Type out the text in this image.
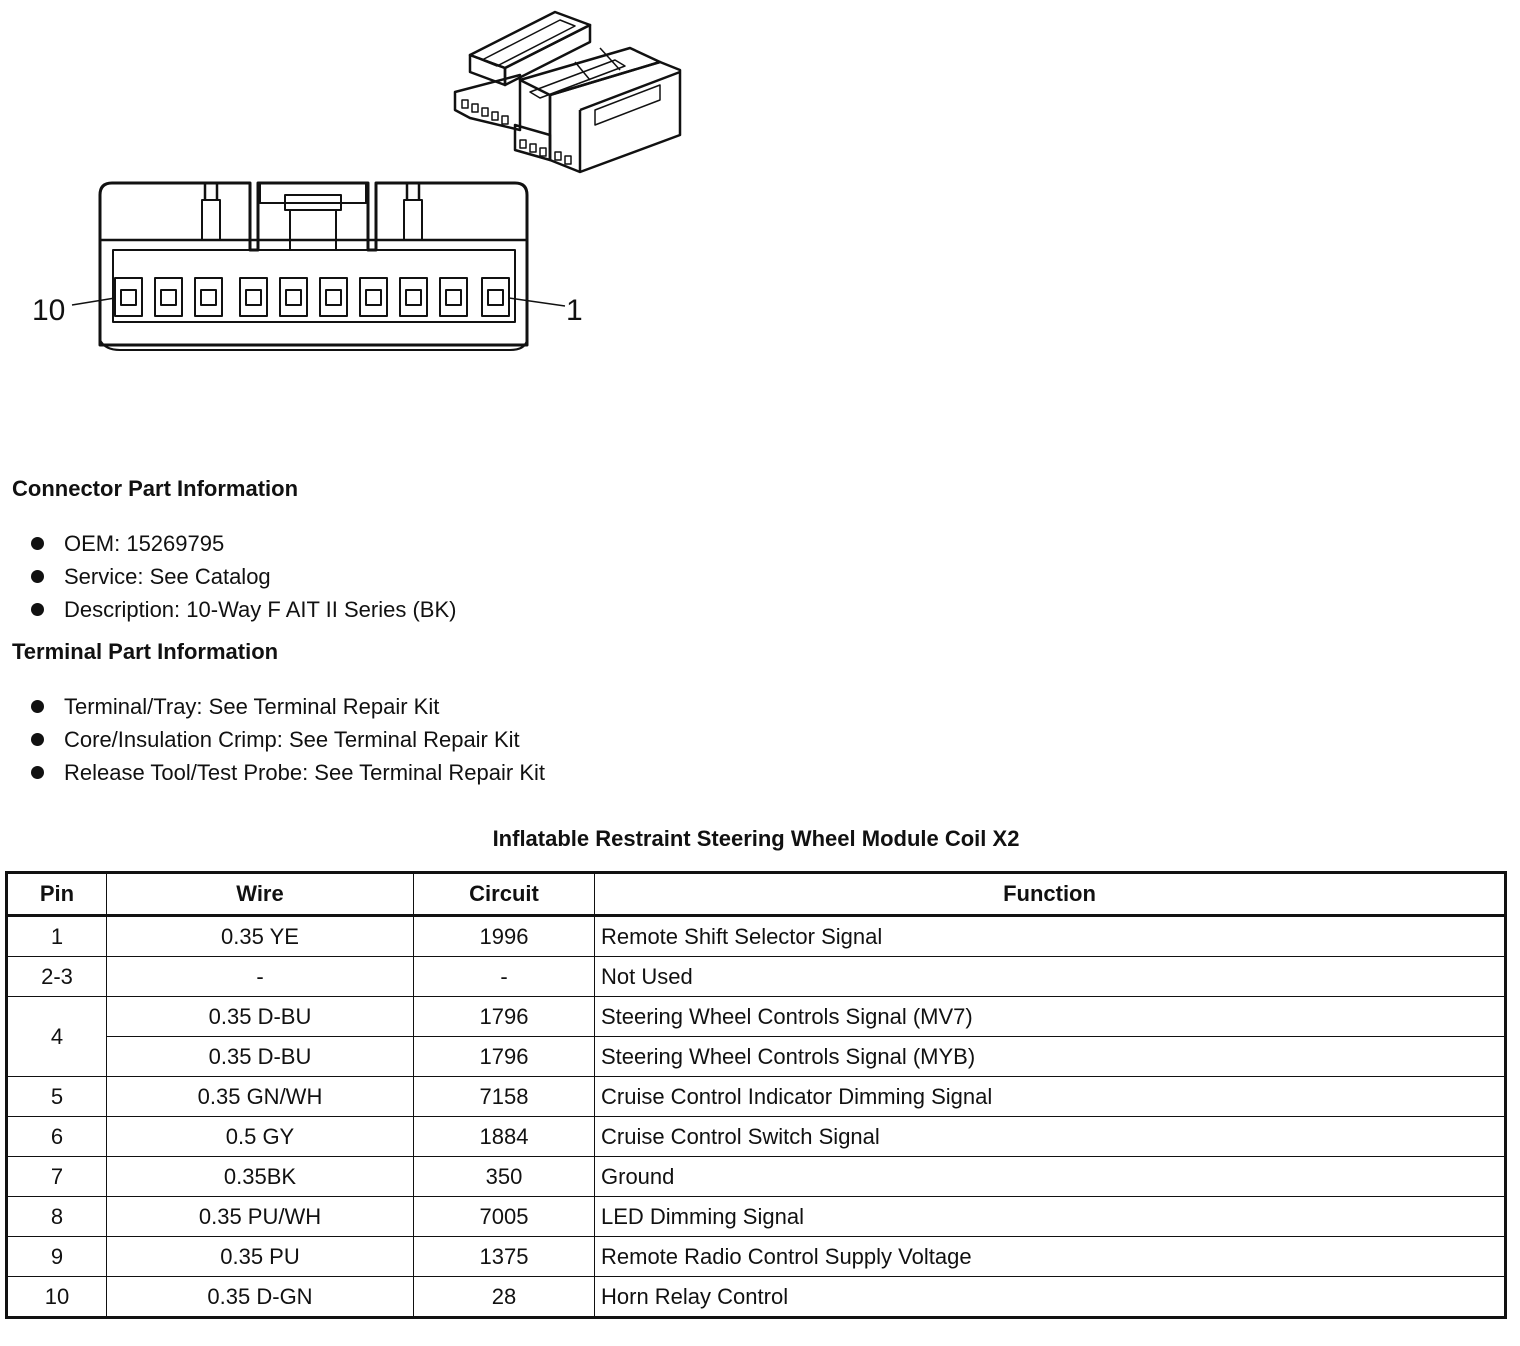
10	1
Connector Part Information
OEM: 15269795
Service: See Catalog
Description: 10-Way F AIT II Series (BK)
Terminal Part Information
Terminal/Tray: See Terminal Repair Kit
Core/Insulation Crimp: See Terminal Repair Kit
Release Tool/Test Probe: See Terminal Repair Kit
Inflatable Restraint Steering Wheel Module Coil X2
Pin	Wire	Circuit	Function
1	0.35 YE	1996	Remote Shift Selector Signal
2-3	-	-	Not Used
4	0.35 D-BU	1796	Steering Wheel Controls Signal (MV7)
	0.35 D-BU	1796	Steering Wheel Controls Signal (MYB)
5	0.35 GN/WH	7158	Cruise Control Indicator Dimming Signal
6	0.5 GY	1884	Cruise Control Switch Signal
7	0.35BK	350	Ground
8	0.35 PU/WH	7005	LED Dimming Signal
9	0.35 PU	1375	Remote Radio Control Supply Voltage
10	0.35 D-GN	28	Horn Relay Control
